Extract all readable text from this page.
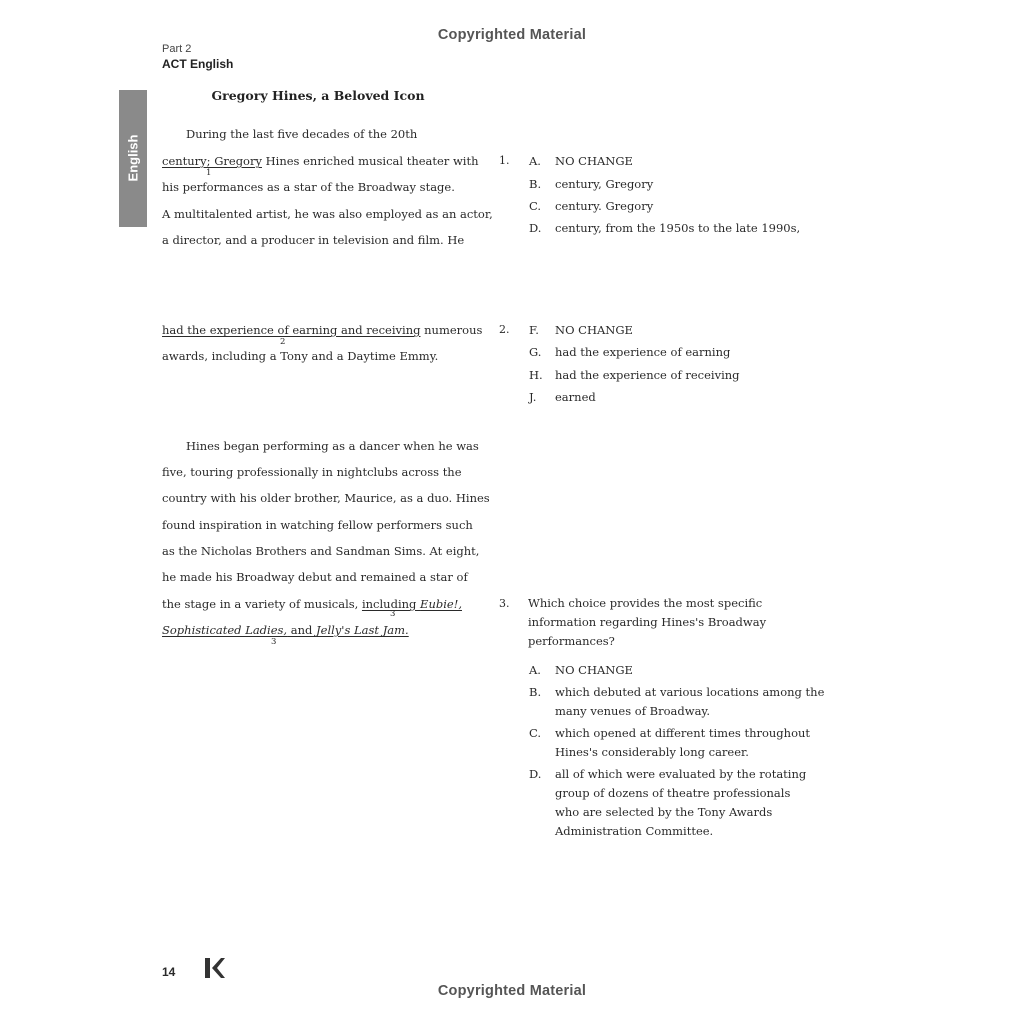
Copyrighted Material
Part 2
ACT English
English
Gregory Hines, a Beloved Icon
During the last five decades of the 20th
century; Gregory Hines enriched musical theater with
1
his performances as a star of the Broadway stage.
A multitalented artist, he was also employed as an actor,
a director, and a producer in television and film. He
had the experience of earning and receiving numerous
2
awards, including a Tony and a Daytime Emmy.
Hines began performing as a dancer when he was
five, touring professionally in nightclubs across the
country with his older brother, Maurice, as a duo. Hines
found inspiration in watching fellow performers such
as the Nicholas Brothers and Sandman Sims. At eight,
he made his Broadway debut and remained a star of
the stage in a variety of musicals, including Eubie!,
3
Sophisticated Ladies, and Jelly's Last Jam.
3
1. A. NO CHANGE
B. century, Gregory
C. century. Gregory
D. century, from the 1950s to the late 1990s,
2. F. NO CHANGE
G. had the experience of earning
H. had the experience of receiving
J. earned
3. Which choice provides the most specific
information regarding Hines's Broadway
performances?
A. NO CHANGE
B. which debuted at various locations among the
many venues of Broadway.
C. which opened at different times throughout
Hines's considerably long career.
D. all of which were evaluated by the rotating
group of dozens of theatre professionals
who are selected by the Tony Awards
Administration Committee.
14
Copyrighted Material
